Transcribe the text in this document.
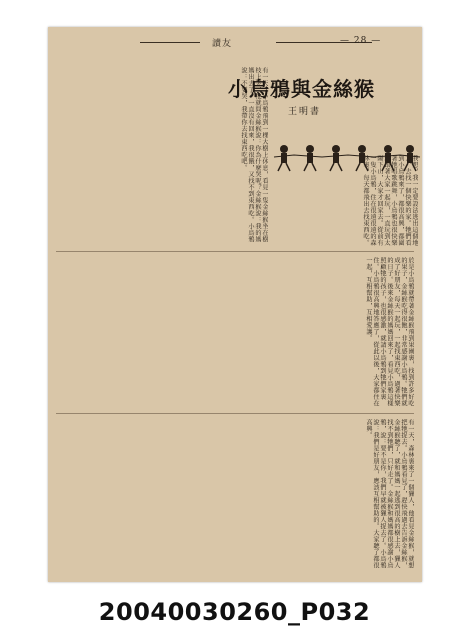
讀友	— 28 —
小烏鴉與金絲猴
王明書
我想，我一定要設法逃出這個地方，去找一個快樂的家。牠們看到小烏鴉來了，都很高興，都圍著牠唱歌跳舞，小烏鴉也很快樂地跟著大家一起玩，一直玩到太陽下山，大家才回家去。從前有一隻小烏鴉，住在很遠很遠的森林裏，每天都飛出去找東西吃。
有一天，小烏鴉飛到一棵大樹上休息，看見一隻金絲猴坐在樹枝上哭，牠就問金絲猴說：你為什麼哭呢？金絲猴說：我的媽媽出去了，一直沒有回來，我很餓，又找不到東西吃。小烏鴉說：不要哭，我帶你去找東西吃吧。
於是小烏鴉就帶著金絲猴飛到果園裏，找到許多好吃的果子，金絲猴吃得很飽，非常感謝小烏鴉。牠們就成了好朋友，每天一起玩，一起找東西吃，過著快樂的日子。後來金絲猴的媽媽回來了，看見小烏鴉這樣照顧牠的孩子，也很感激，就請小烏鴉到牠們家裏住。小烏鴉很高興地答應了，從此以後，大家都住在一起，互相幫助，互相愛護。
有一天，森林裏來了一個獵人，他看見金絲猴，就想把牠捉去。小烏鴉看見了，趕快飛過去告訴金絲猴，金絲猴聽了，就和媽媽一起逃到很高的樹上去，獵人找不到牠們，只好走了。金絲猴和媽媽都很感謝小烏鴉，說：要不是你，我們早就被獵人捉去了。小烏鴉說：我們是好朋友，應該互相幫助的。大家聽了都很高興。
20040030260_P032
